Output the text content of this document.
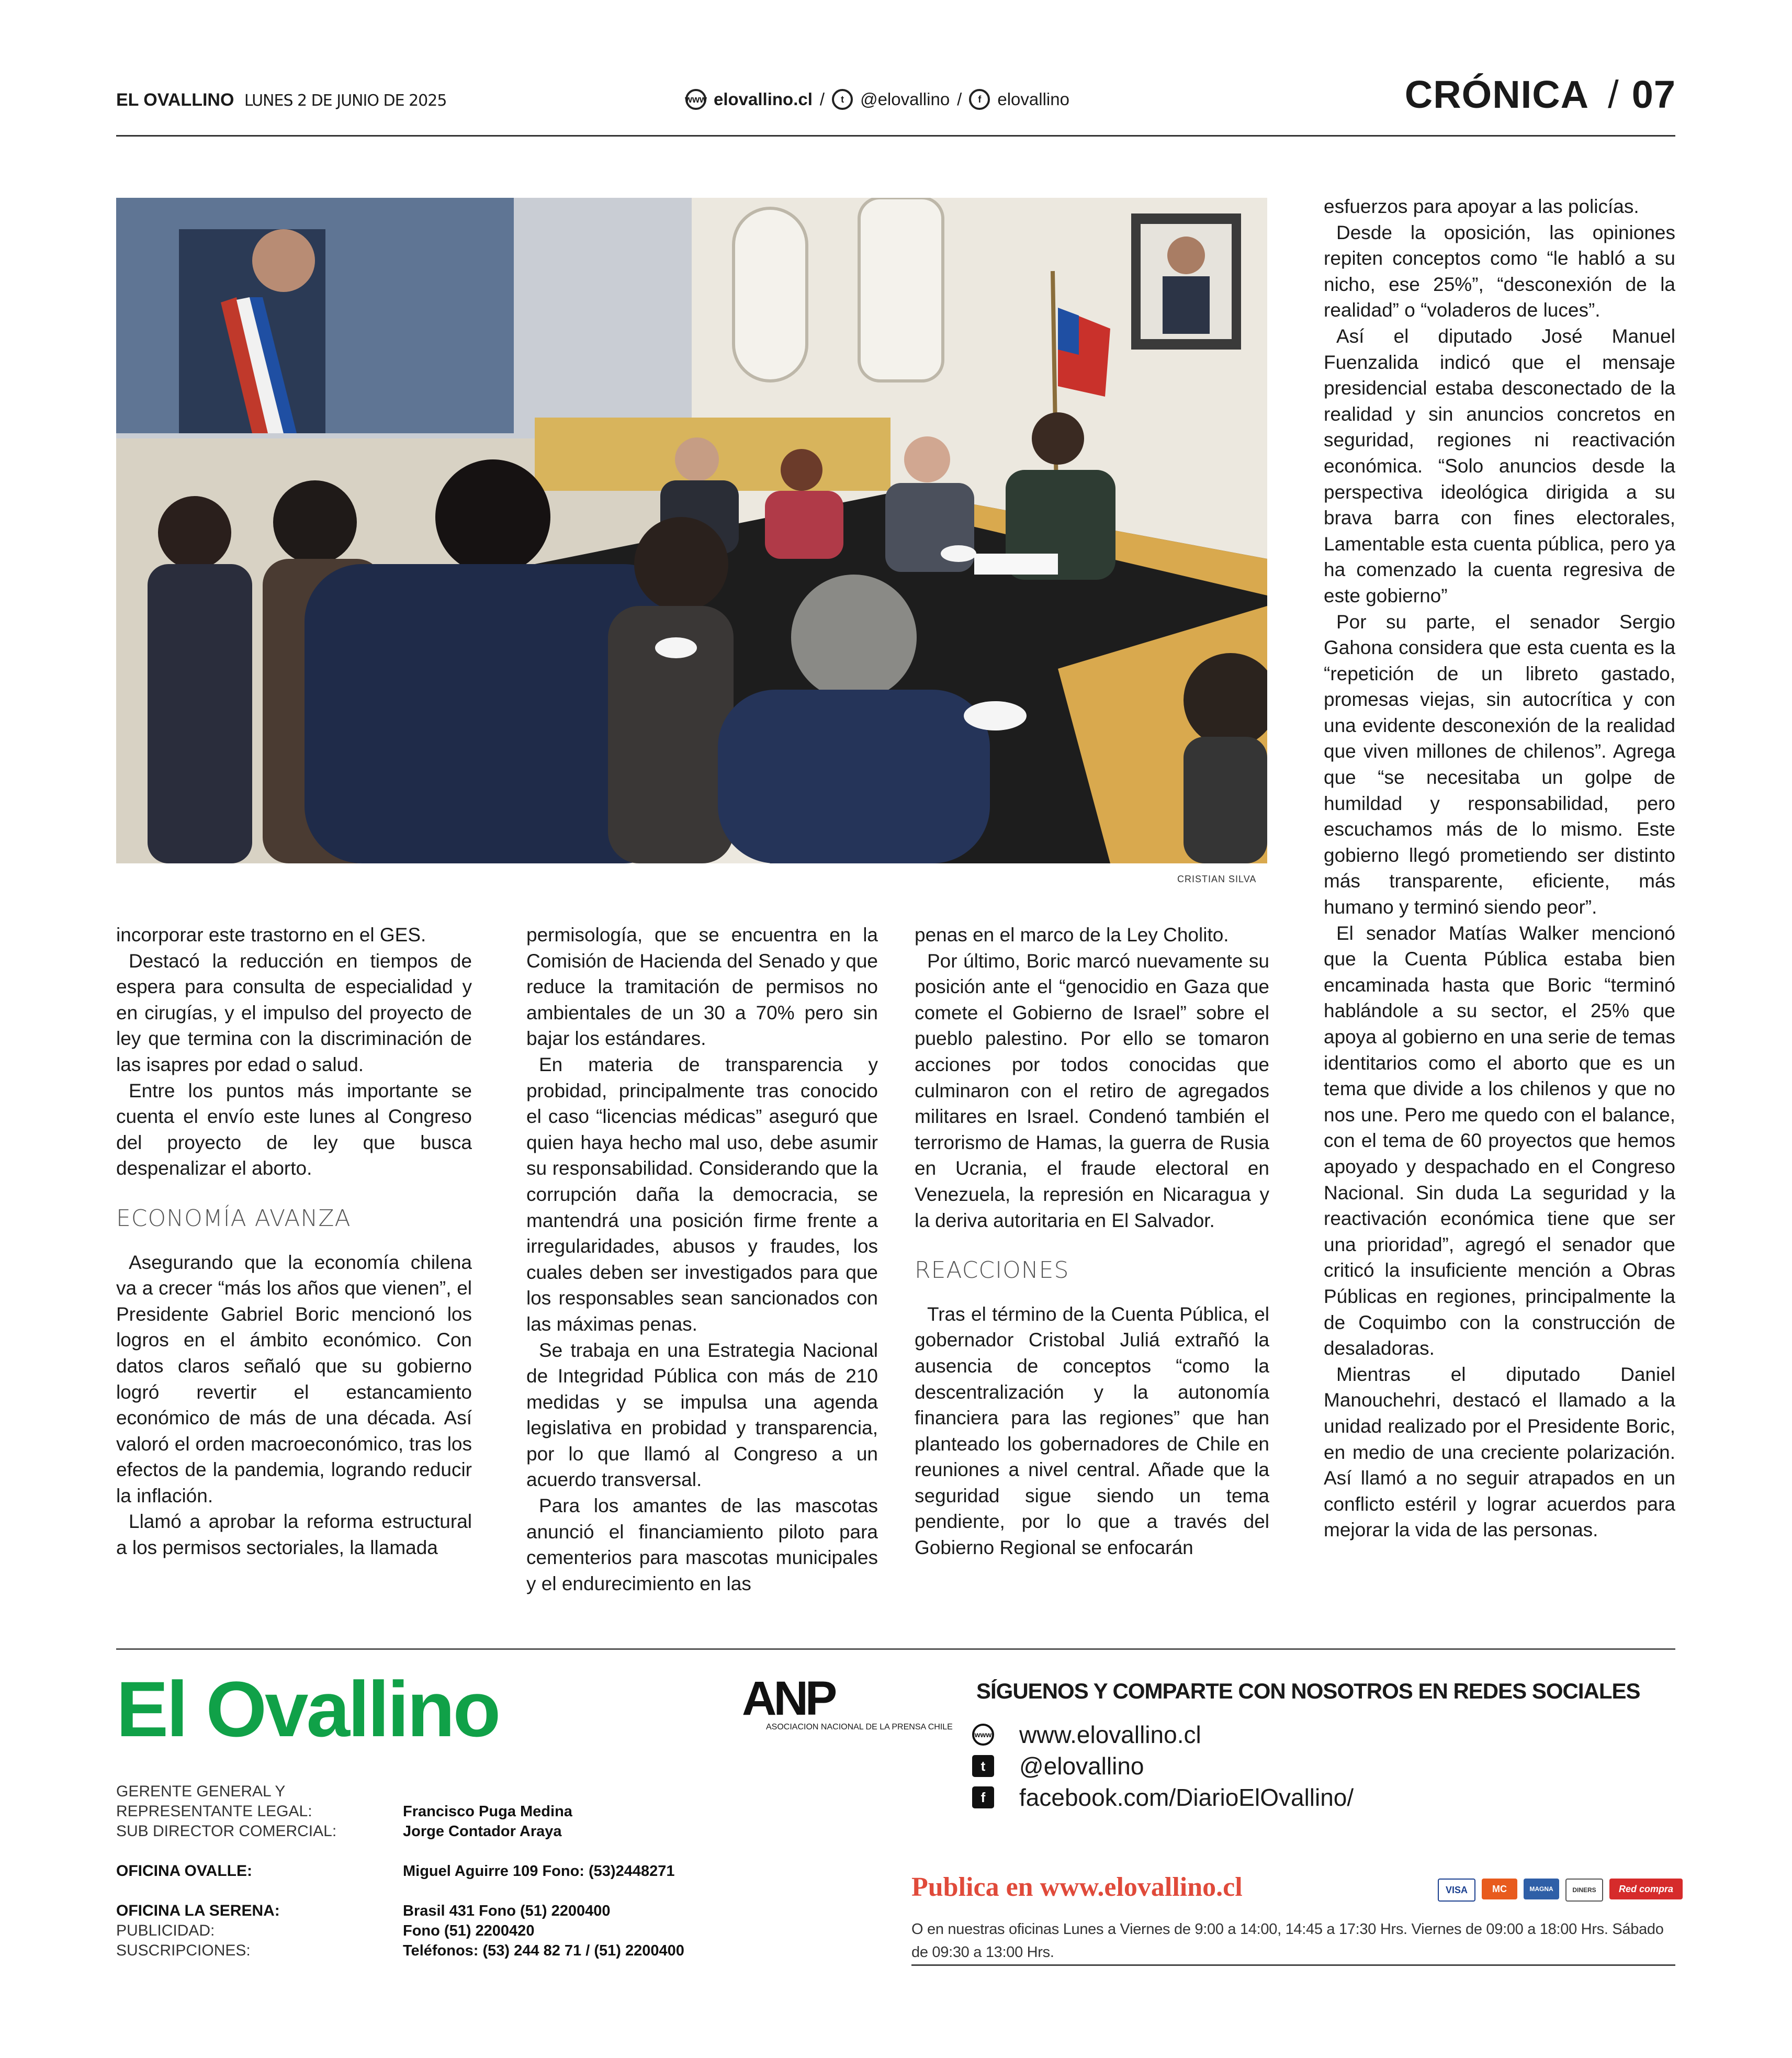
EL OVALLINO LUNES 2 DE JUNIO DE 2025	www elovallino.cl /	t @elovallino /	f elovallino	CRÓNICA / 07
CRISTIAN SILVA

incorporar este trastorno en el GES.

Destacó la reducción en tiempos de espera para consulta de especialidad y en cirugías, y el impulso del proyecto de ley que termina con la discriminación de las isapres por edad o salud.

Entre los puntos más importante se cuenta el envío este lunes al Congreso del proyecto de ley que busca despenalizar el aborto.

ECONOMÍA AVANZA

Asegurando que la economía chilena va a crecer “más los años que vienen”, el Presidente Gabriel Boric mencionó los logros en el ámbito económico. Con datos claros señaló que su gobierno logró revertir el estancamiento económico de más de una década. Así valoró el orden macroeconómico, tras los efectos de la pandemia, logrando reducir la inflación.

Llamó a aprobar la reforma estructural a los permisos sectoriales, la llamada

permisología, que se encuentra en la Comisión de Hacienda del Senado y que reduce la tramitación de permisos no ambientales de un 30 a 70% pero sin bajar los estándares.

En materia de transparencia y probidad, principalmente tras conocido el caso “licencias médicas” aseguró que quien haya hecho mal uso, debe asumir su responsabilidad. Considerando que la corrupción daña la democracia, se mantendrá una posición firme frente a irregularidades, abusos y fraudes, los cuales deben ser investigados para que los responsables sean sancionados con las máximas penas.

Se trabaja en una Estrategia Nacional de Integridad Pública con más de 210 medidas y se impulsa una agenda legislativa en probidad y transparencia, por lo que llamó al Congreso a un acuerdo transversal.

Para los amantes de las mascotas anunció el financiamiento piloto para cementerios para mascotas municipales y el endurecimiento en las

penas en el marco de la Ley Cholito.

Por último, Boric marcó nuevamente su posición ante el “genocidio en Gaza que comete el Gobierno de Israel” sobre el pueblo palestino. Por ello se tomaron acciones por todos conocidas que culminaron con el retiro de agregados militares en Israel. Condenó también el terrorismo de Hamas, la guerra de Rusia en Ucrania, el fraude electoral en Venezuela, la represión en Nicaragua y la deriva autoritaria en El Salvador.

REACCIONES

Tras el término de la Cuenta Pública, el gobernador Cristobal Juliá extrañó la ausencia de conceptos “como la descentralización y la autonomía financiera para las regiones” que han planteado los gobernadores de Chile en reuniones a nivel central. Añade que la seguridad sigue siendo un tema pendiente, por lo que a través del Gobierno Regional se enfocarán

esfuerzos para apoyar a las policías.

Desde la oposición, las opiniones repiten conceptos como “le habló a su nicho, ese 25%”, “desconexión de la realidad” o “voladeros de luces”.

Así el diputado José Manuel Fuenzalida indicó que el mensaje presidencial estaba desconectado de la realidad y sin anuncios concretos en seguridad, regiones ni reactivación económica. “Solo anuncios desde la perspectiva ideológica dirigida a su brava barra con fines electorales, Lamentable esta cuenta pública, pero ya ha comenzado la cuenta regresiva de este gobierno”

Por su parte, el senador Sergio Gahona considera que esta cuenta es la “repetición de un libreto gastado, promesas viejas, sin autocrítica y con una evidente desconexión de la realidad que viven millones de chilenos”. Agrega que “se necesitaba un golpe de humildad y responsabilidad, pero escuchamos más de lo mismo. Este gobierno llegó prometiendo ser distinto más transparente, eficiente, más humano y terminó siendo peor”.

El senador Matías Walker mencionó que la Cuenta Pública estaba bien encaminada hasta que Boric “terminó hablándole a su sector, el 25% que apoya al gobierno en una serie de temas identitarios como el aborto que es un tema que divide a los chilenos y que no nos une. Pero me quedo con el balance, con el tema de 60 proyectos que hemos apoyado y despachado en el Congreso Nacional. Sin duda La seguridad y la reactivación económica tiene que ser una prioridad”, agregó el senador que criticó la insuficiente mención a Obras Públicas en regiones, principalmente la de Coquimbo con la construcción de desaladoras.

Mientras el diputado Daniel Manouchehri, destacó el llamado a la unidad realizado por el Presidente Boric, en medio de una creciente polarización. Así llamó a no seguir atrapados en un conflicto estéril y lograr acuerdos para mejorar la vida de las personas.

El Ovallino	ANP
ASOCIACION NACIONAL DE LA PRENSA CHILE
SÍGUENOS Y COMPARTE CON NOSOTROS EN REDES SOCIALES
www www.elovallino.cl
t	@elovallino
f	facebook.com/DiarioElOvallino/
GERENTE GENERAL Y
REPRESENTANTE LEGAL:	Francisco Puga Medina
SUB DIRECTOR COMERCIAL:	Jorge Contador Araya
OFICINA OVALLE:	Miguel Aguirre 109 Fono: (53)2448271
OFICINA LA SERENA:	Brasil 431 Fono (51) 2200400
PUBLICIDAD:	Fono (51) 2200420
SUSCRIPCIONES:	Teléfonos: (53) 244 82 71 / (51) 2200400
Publica en www.elovallino.cl	VISA	MC	MAGNA	DINERS	Red compra
O en nuestras oficinas Lunes a Viernes de 9:00 a 14:00, 14:45 a 17:30 Hrs. Viernes de 09:00 a 18:00 Hrs. Sábado de 09:30 a 13:00 Hrs.
